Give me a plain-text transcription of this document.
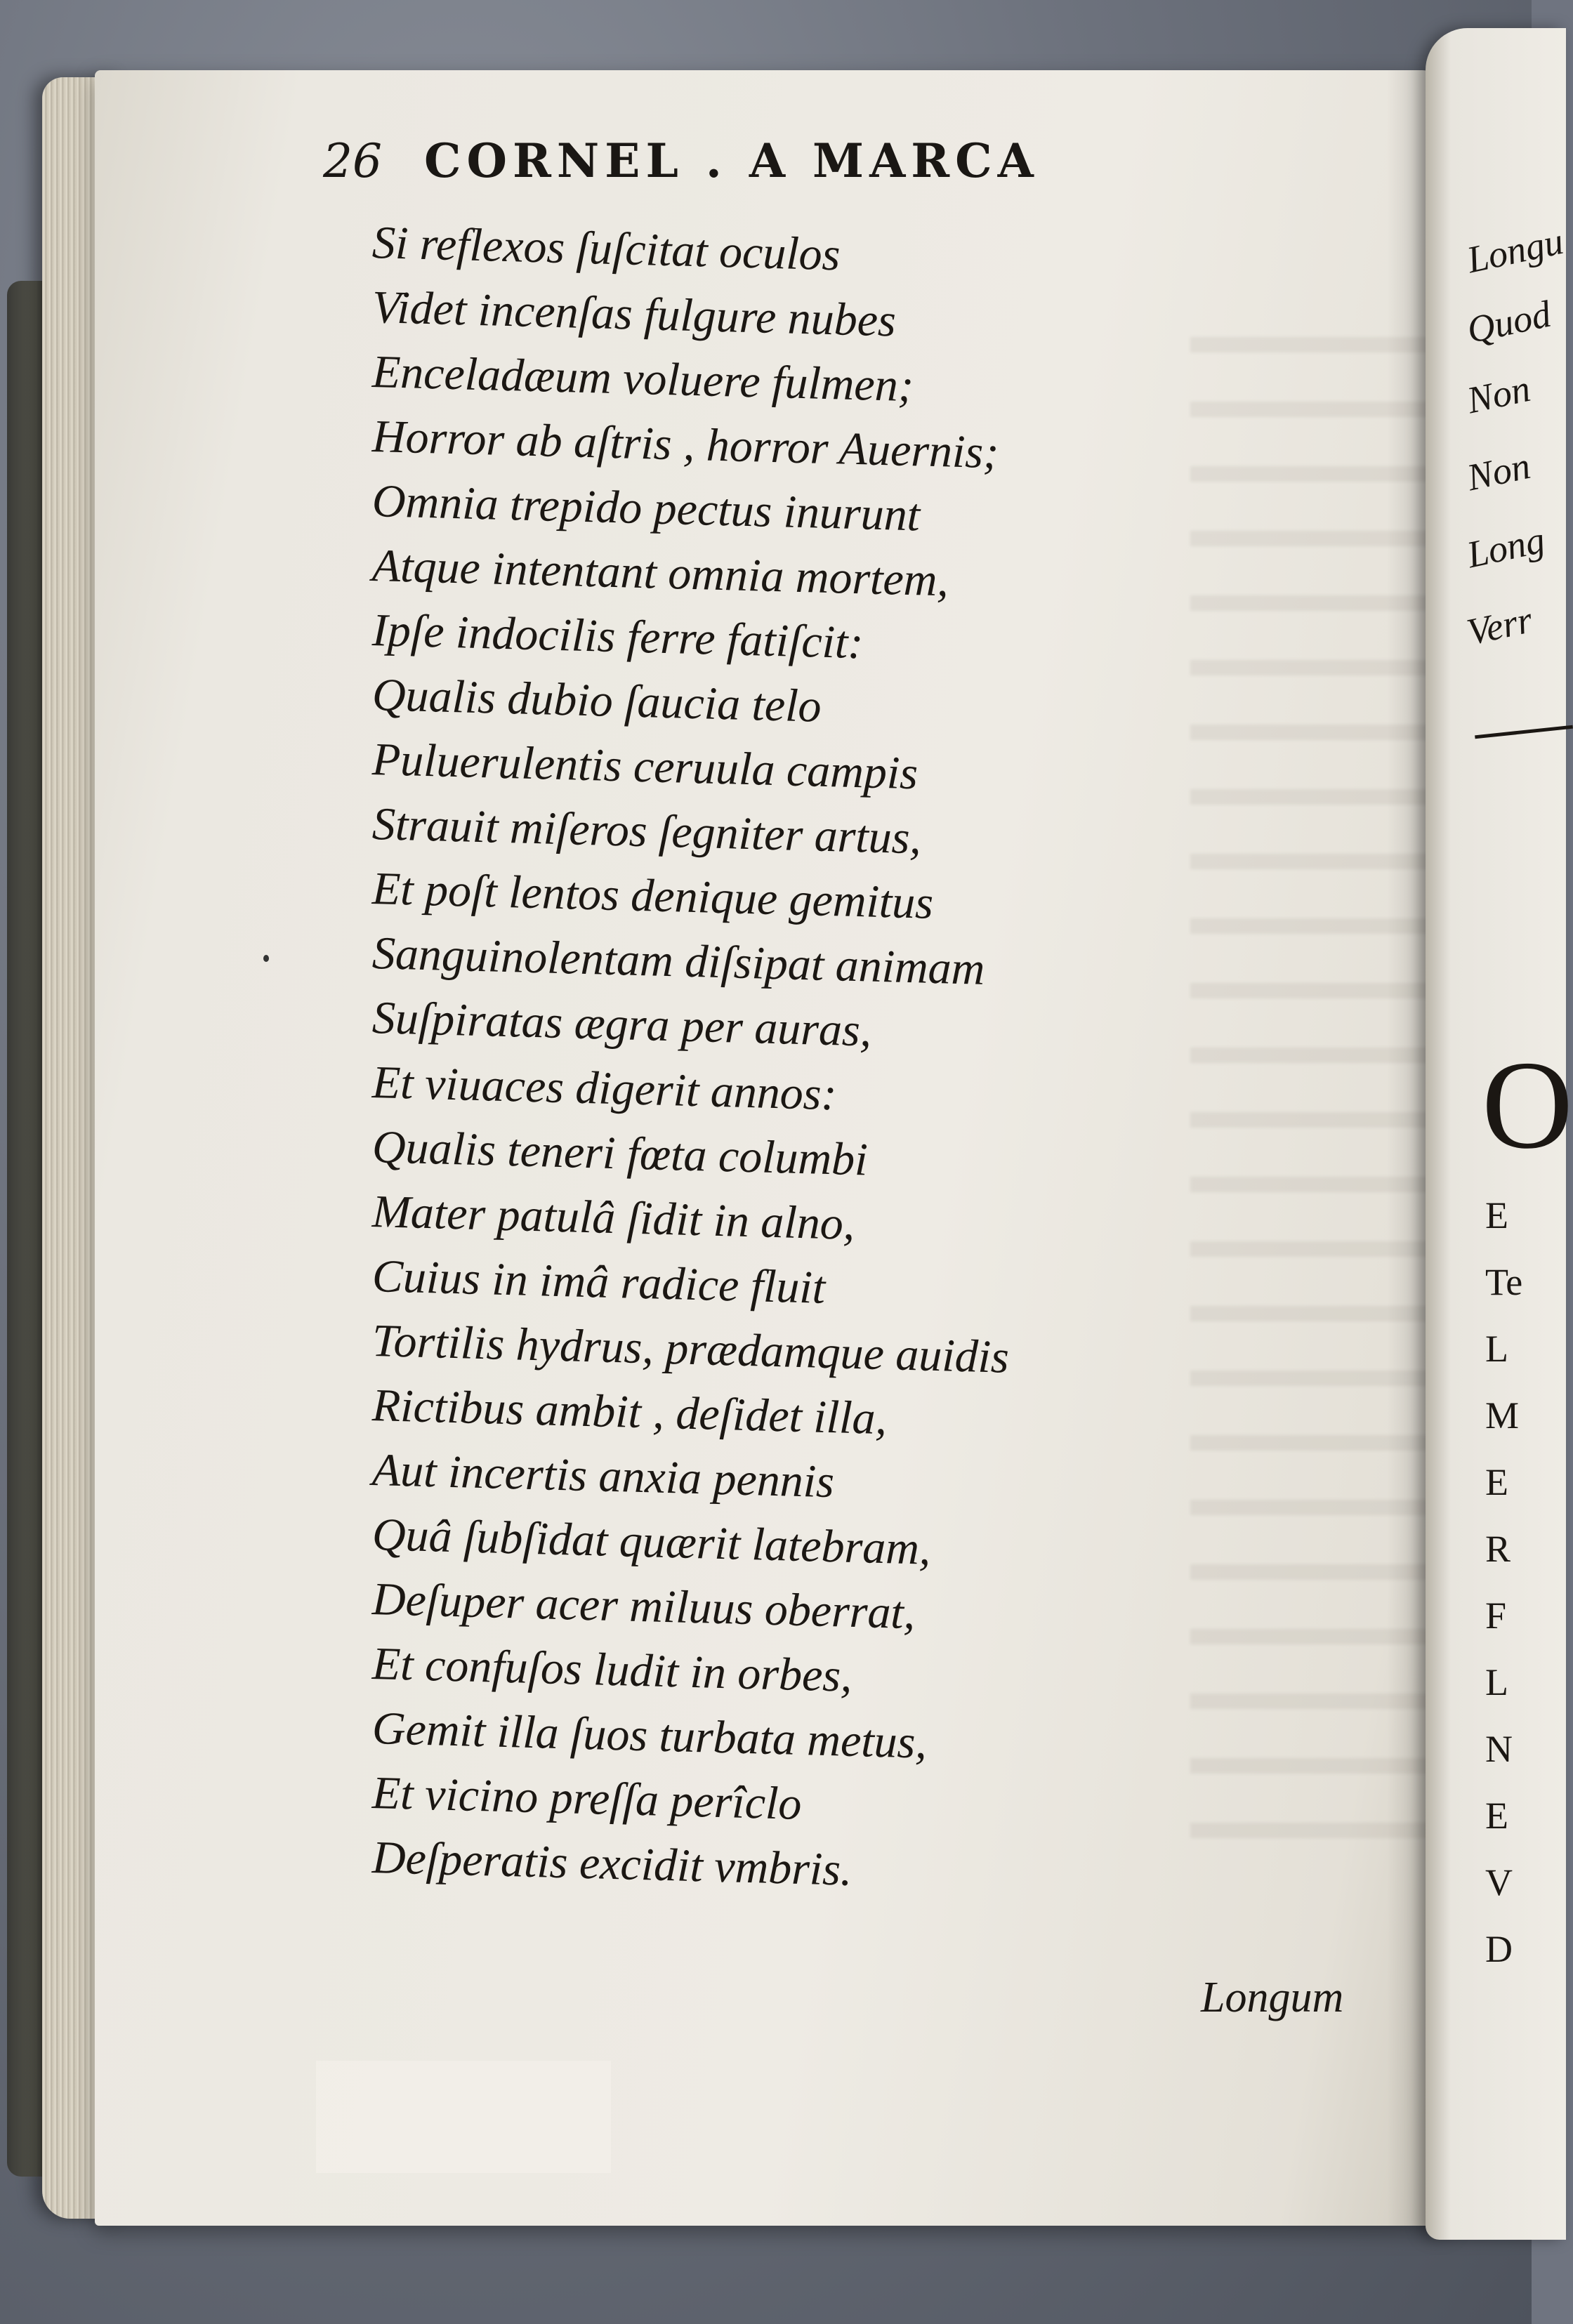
26 CORNEL . A MARCA
Si reflexos ſuſcitat oculos
Videt incenſas fulgure nubes
Enceladæum voluere fulmen;
Horror ab aſtris , horror Auernis;
Omnia trepido pectus inurunt
Atque intentant omnia mortem,
Ipſe indocilis ferre fatiſcit:
Qualis dubio ſaucia telo
Puluerulentis ceruula campis
Strauit miſeros ſegniter artus,
Et poſt lentos denique gemitus
Sanguinolentam diſsipat animam
Suſpiratas ægra per auras,
Et viuaces digerit annos:
Qualis teneri fœta columbi
Mater patulâ ſidit in alno,
Cuius in imâ radice fluit
Tortilis hydrus, prædamque auidis
Rictibus ambit , deſidet illa,
Aut incertis anxia pennis
Quâ ſubſidat quærit latebram,
Deſuper acer miluus oberrat,
Et confuſos ludit in orbes,
Gemit illa ſuos turbata metus,
Et vicino preſſa perîclo
Deſperatis excidit vmbris.
Longum
Longu
Quod
Non
Non
Long
Verr
O
E
Te
L
M
E
R
F
L
N
E
V
D
